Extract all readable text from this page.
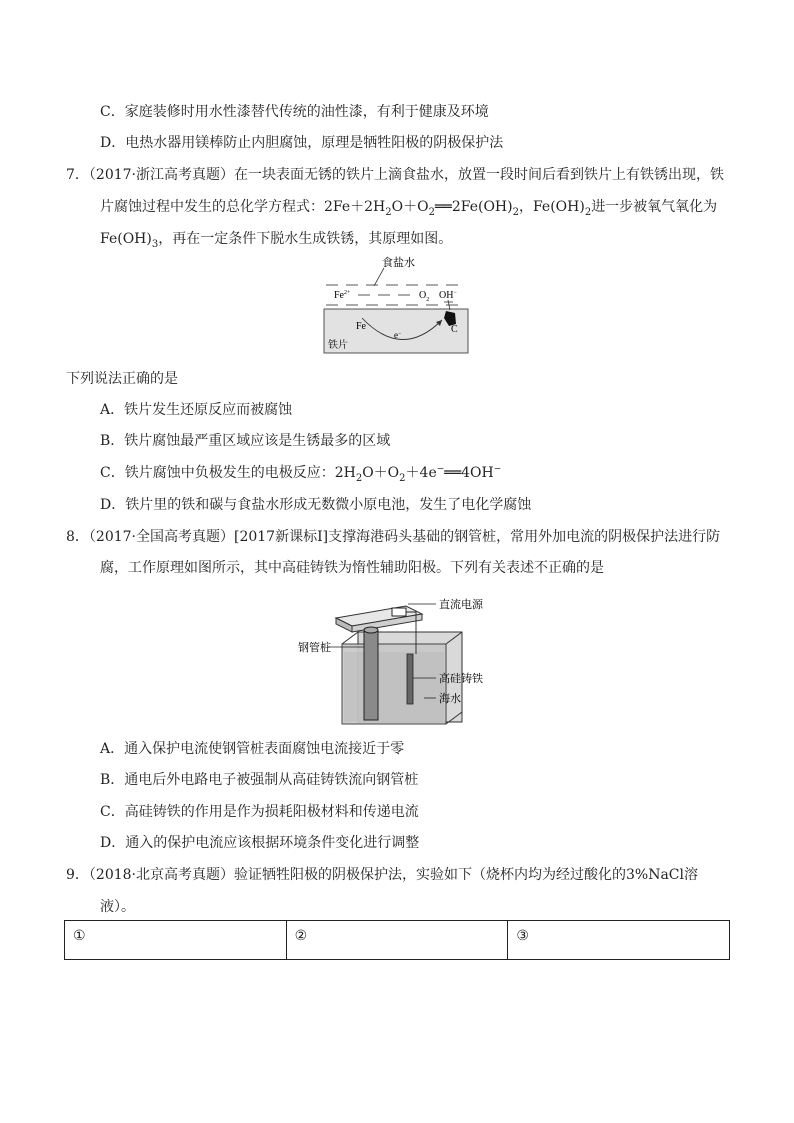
C．家庭装修时用水性漆替代传统的油性漆，有利于健康及环境
D．电热水器用镁棒防止内胆腐蚀，原理是牺牲阳极的阴极保护法
7．（2017·浙江高考真题）在一块表面无锈的铁片上滴食盐水，放置一段时间后看到铁片上有铁锈出现，铁
片腐蚀过程中发生的总化学方程式：$2Fe+2H_2O+O_2══2Fe(OH)_2$，$Fe(OH)_2$进一步被氧气氧化为
$Fe(OH)_3$，再在一定条件下脱水生成铁锈，其原理如图。
食盐水
$Fe^{2+}$	$O_2$ OH−
C
Fe
e−
铁片
下列说法正确的是
A．铁片发生还原反应而被腐蚀
B．铁片腐蚀最严重区域应该是生锈最多的区域
C．铁片腐蚀中负极发生的电极反应：$2H_2O+O_2+4e^-══4OH^-$
D．铁片里的铁和碳与食盐水形成无数微小原电池，发生了电化学腐蚀
8．（2017·全国高考真题）[2017新课标Ⅰ]支撑海港码头基础的钢管桩，常用外加电流的阴极保护法进行防
腐，工作原理如图所示，其中高硅铸铁为惰性辅助阳极。下列有关表述不正确的是
直流电源
钢管桩
高硅铸铁
海水
A．通入保护电流使钢管桩表面腐蚀电流接近于零
B．通电后外电路电子被强制从高硅铸铁流向钢管桩
C．高硅铸铁的作用是作为损耗阳极材料和传递电流
D．通入的保护电流应该根据环境条件变化进行调整
9．（2018·北京高考真题）验证牺牲阳极的阴极保护法，实验如下（烧杯内均为经过酸化的3%NaCl溶
液）。
①	②	③
